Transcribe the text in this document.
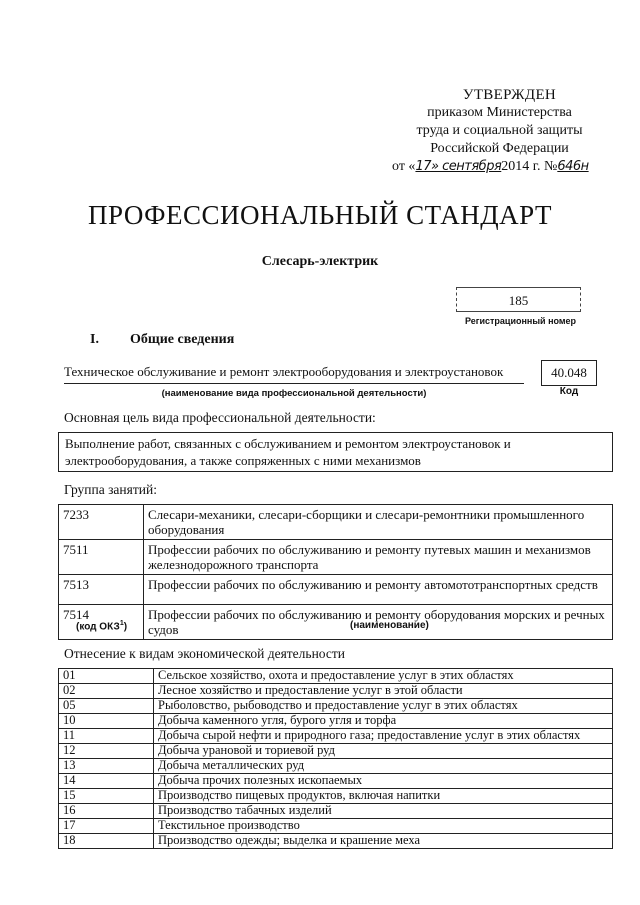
УТВЕРЖДЕН
приказом Министерства
труда и социальной защиты
Российской Федерации
от «17» сентября2014 г. №646н
ПРОФЕССИОНАЛЬНЫЙ СТАНДАРТ
Слесарь-электрик
185
Регистрационный номер
I. Общие сведения
Техническое обслуживание и ремонт электрооборудования и электроустановок
(наименование вида профессиональной деятельности)
40.048
Код
Основная цель вида профессиональной деятельности:
Выполнение работ, связанных с обслуживанием и ремонтом электроустановок и электрооборудования, а также сопряженных с ними механизмов
Группа занятий:
7233	Слесари-механики, слесари-сборщики и слесари-ремонтники промышленного оборудования
7511	Профессии рабочих по обслуживанию и ремонту путевых машин и механизмов железнодорожного транспорта
7513	Профессии рабочих по обслуживанию и ремонту автомототранспортных средств
7514	Профессии рабочих по обслуживанию и ремонту оборудования морских и речных судов
(код ОКЗ$^1$)	(наименование)
Отнесение к видам экономической деятельности
01	Сельское хозяйство, охота и предоставление услуг в этих областях
02	Лесное хозяйство и предоставление услуг в этой области
05	Рыболовство, рыбоводство и предоставление услуг в этих областях
10	Добыча каменного угля, бурого угля и торфа
11	Добыча сырой нефти и природного газа; предоставление услуг в этих областях
12	Добыча урановой и ториевой руд
13	Добыча металлических руд
14	Добыча прочих полезных ископаемых
15	Производство пищевых продуктов, включая напитки
16	Производство табачных изделий
17	Текстильное производство
18	Производство одежды; выделка и крашение меха
